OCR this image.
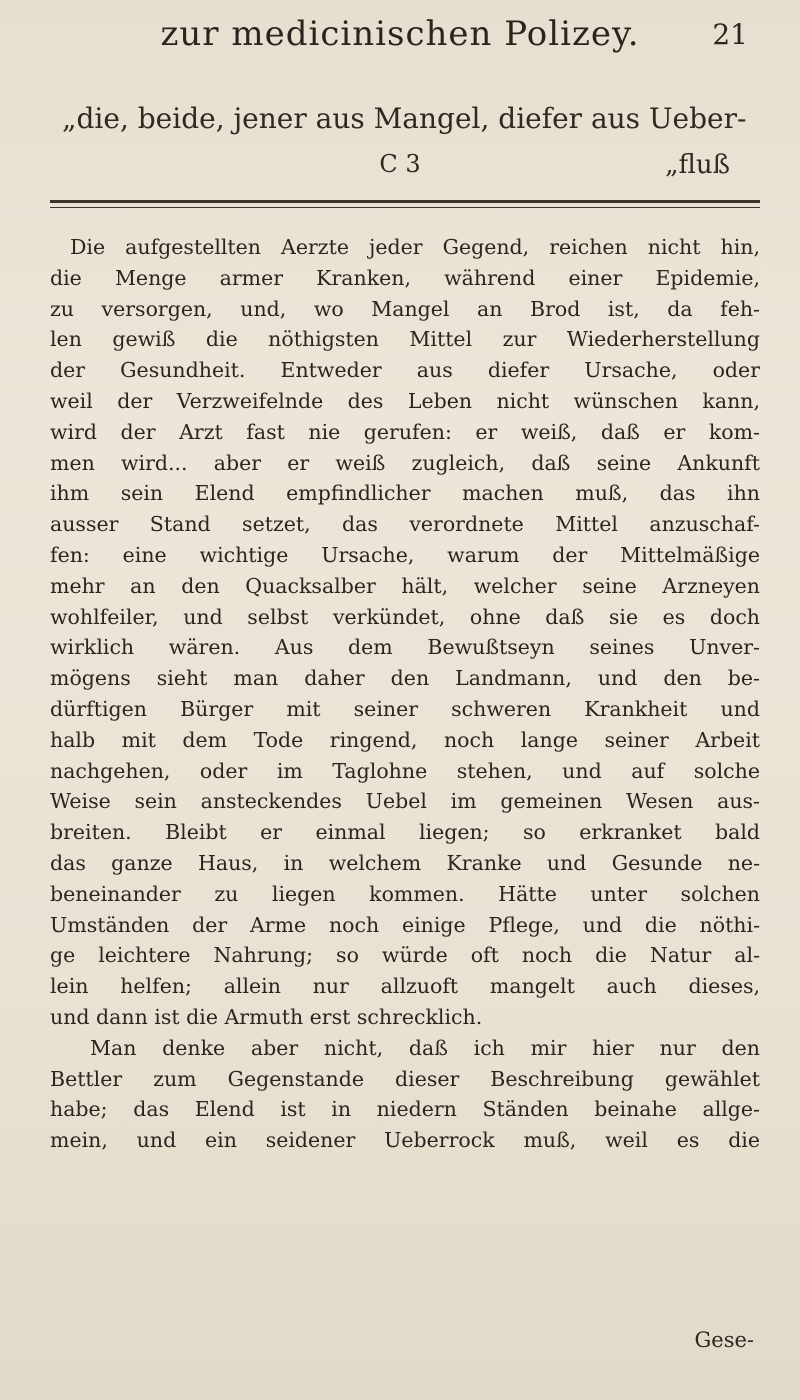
zur medicinischen Polizey.	21
„die, beide, jener aus Mangel, diefer aus Ueber-
C 3	„fluß
Die aufgestellten Aerzte jeder Gegend, reichen nicht hin,
die Menge armer Kranken, während einer Epidemie,
zu versorgen, und, wo Mangel an Brod ist, da feh-
len gewiß die nöthigsten Mittel zur Wiederherstellung
der Gesundheit. Entweder aus diefer Ursache, oder
weil der Verzweifelnde des Leben nicht wünschen kann,
wird der Arzt fast nie gerufen: er weiß, daß er kom-
men wird... aber er weiß zugleich, daß seine Ankunft
ihm sein Elend empfindlicher machen muß, das ihn
ausser Stand setzet, das verordnete Mittel anzuschaf-
fen: eine wichtige Ursache, warum der Mittelmäßige
mehr an den Quacksalber hält, welcher seine Arzneyen
wohlfeiler, und selbst verkündet, ohne daß sie es doch
wirklich wären. Aus dem Bewußtseyn seines Unver-
mögens sieht man daher den Landmann, und den be-
dürftigen Bürger mit seiner schweren Krankheit und
halb mit dem Tode ringend, noch lange seiner Arbeit
nachgehen, oder im Taglohne stehen, und auf solche
Weise sein ansteckendes Uebel im gemeinen Wesen aus-
breiten. Bleibt er einmal liegen; so erkranket bald
das ganze Haus, in welchem Kranke und Gesunde ne-
beneinander zu liegen kommen. Hätte unter solchen
Umständen der Arme noch einige Pflege, und die nöthi-
ge leichtere Nahrung; so würde oft noch die Natur al-
lein helfen; allein nur allzuoft mangelt auch dieses,
und dann ist die Armuth erst schrecklich.
Man denke aber nicht, daß ich mir hier nur den
Bettler zum Gegenstande dieser Beschreibung gewählet
habe; das Elend ist in niedern Ständen beinahe allge-
mein, und ein seidener Ueberrock muß, weil es die
Gese-
